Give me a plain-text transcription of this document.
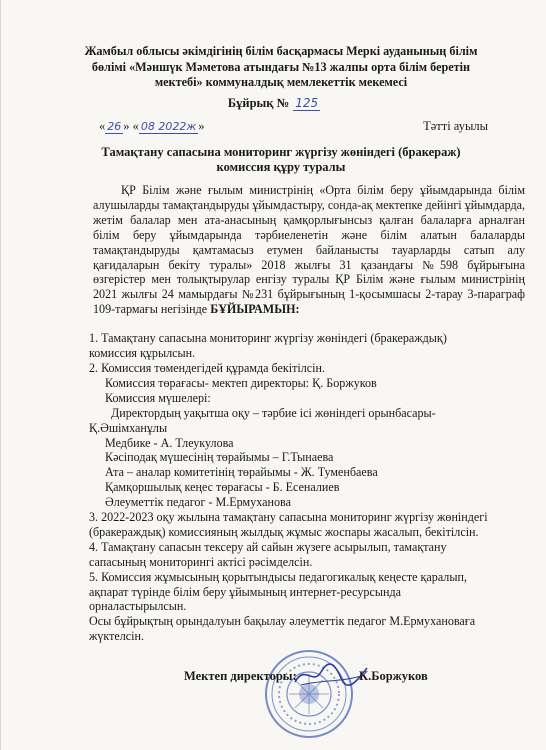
Жамбыл облысы әкімдігінің білім басқармасы Меркі ауданының білім
бөлімі «Мәншүк Мәметова атындағы №13 жалпы орта білім беретін
мектебі» коммуналдық мемлекеттік мекемесі
Бұйрық № 125
« 26 » « 08 2022ж »	Тәтті ауылы
Тамақтану сапасына мониторинг жүргізу жөніндегі (бракераж)
комиссия құру туралы

ҚР Білім және ғылым министрінің «Орта білім беру ұйымдарында білім алушыларды тамақтандыруды ұйымдастыру, сонда-ақ мектепке дейінгі ұйымдарда, жетім балалар мен ата-анасының қамқорлығынсыз қалған балаларға арналған білім беру ұйымдарында тәрбиеленетін және білім алатын балаларды тамақтандыруды қамтамасыз етумен байланысты тауарларды сатып алу қағидаларын бекіту туралы» 2018 жылғы 31 қазандағы №598 бұйрығына өзгерістер мен толықтырулар енгізу туралы ҚР Білім және ғылым министрінің 2021 жылғы 24 мамырдағы №231 бұйрығының 1-қосымшасы 2-тарау 3-параграф 109-тармағы негізінде БҰЙЫРАМЫН:

1. Тамақтану сапасына мониторинг жүргізу жөніндегі (бракераждық)

комиссия құрылсын.

2. Комиссия төмендегідей құрамда бекітілсін.

Комиссия төрағасы- мектеп директоры: Қ. Боржуков

Комиссия мүшелері:

Директордың уақытша оқу – тәрбие ісі жөніндегі орынбасары-

Қ.Әшімханұлы

Медбике - А. Тлеукулова

Кәсіподақ мүшесінің төрайымы – Г.Тынаева

Ата – аналар комитетінің төрайымы - Ж. Туменбаева

Қамқоршылық кеңес төрағасы - Б. Есеналиев

Әлеуметтік педагог - М.Ермуханова

3. 2022-2023 оқу жылына тамақтану сапасына мониторинг жүргізу жөніндегі

(бракераждық) комиссияның жылдық жұмыс жоспары жасалып, бекітілсін.

4. Тамақтану сапасын тексеру ай сайын жүзеге асырылып, тамақтану

сапасының мониторингі актісі рәсімделсін.

5. Комиссия жұмысының қорытындысы педагогикалық кеңесте қаралып,

ақпарат түрінде білім беру ұйымының интернет-ресурсында

орналастырылсын.

Осы бұйрықтың орындалуын бақылау әлеуметтік педагог М.Ермухановаға

жүктелсін.

Мектеп директоры:	К.Боржуков
